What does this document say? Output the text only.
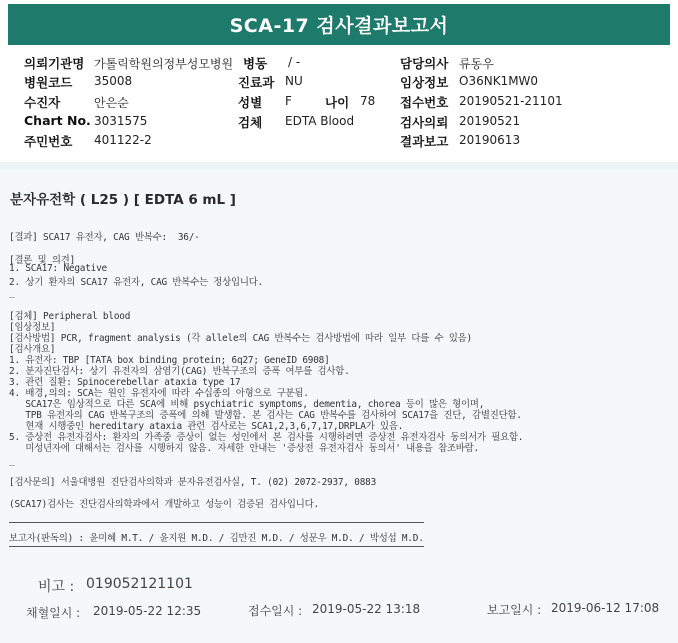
SCA-17 검사결과보고서
의뢰기관명 가톨릭학원의정부성모병원 병동 / -	담당의사 류동우
병원코드 35008	진료과 NU	임상정보 O36NK1MW0
수진자	안은순	성별 F	나이 78 접수번호 20190521-21101
Chart No. 3031575	검체 EDTA Blood	검사의뢰 20190521
주민번호 401122-2	결과보고 20190613
분자유전학 ( L25 ) [ EDTA 6 mL ]
[결과] SCA17 유전자, CAG 반복수:  36/-
[결론 및 의견]
1. SCA17: Negative
2. 상기 환자의 SCA17 유전자, CAG 반복수는 정상입니다.
_
[검체] Peripheral blood
[임상정보]
[검사방법] PCR, fragment analysis (각 allele의 CAG 반복수는 검사방법에 따라 일부 다를 수 있음)
[검사개요]
1. 유전자: TBP [TATA box binding protein; 6q27; GeneID 6908]
2. 분자진단검사: 상기 유전자의 삼염기(CAG) 반복구조의 증폭 여부를 검사함.
3. 관련 질환: Spinocerebellar ataxia type 17
4. 배경,의의: SCA는 원인 유전자에 따라 수십종의 아형으로 구분됨.
SCA17은 임상적으로 다른 SCA에 비해 psychiatric symptoms, dementia, chorea 등이 많은 형이며,
TPB 유전자의 CAG 반복구조의 증폭에 의해 발생함. 본 검사는 CAG 반복수를 검사하여 SCA17을 진단, 감별진단함.
현재 시행중인 hereditary ataxia 관련 검사로는 SCA1,2,3,6,7,17,DRPLA가 있음.
5. 증상전 유전자검사: 환자의 가족중 증상이 없는 성인에서 본 검사를 시행하려면 증상전 유전자검사 동의서가 필요함.
미성년자에 대해서는 검사를 시행하지 않음. 자세한 안내는 '증상전 유전자검사 동의서' 내용을 참조바람.
_
[검사문의] 서울대병원 진단검사의학과 분자유전검사실, T. (02) 2072-2937, 0883
(SCA17)검사는 진단검사의학과에서 개발하고 성능이 검증된 검사입니다.
보고자(판독의) : 윤미혜 M.T. / 윤지원 M.D. / 김만진 M.D. / 성문우 M.D. / 박성섭 M.D.
비고 : 019052121101
채혈일시 : 2019-05-22 12:35	접수일시 : 2019-05-22 13:18	보고일시 : 2019-06-12 17:08
